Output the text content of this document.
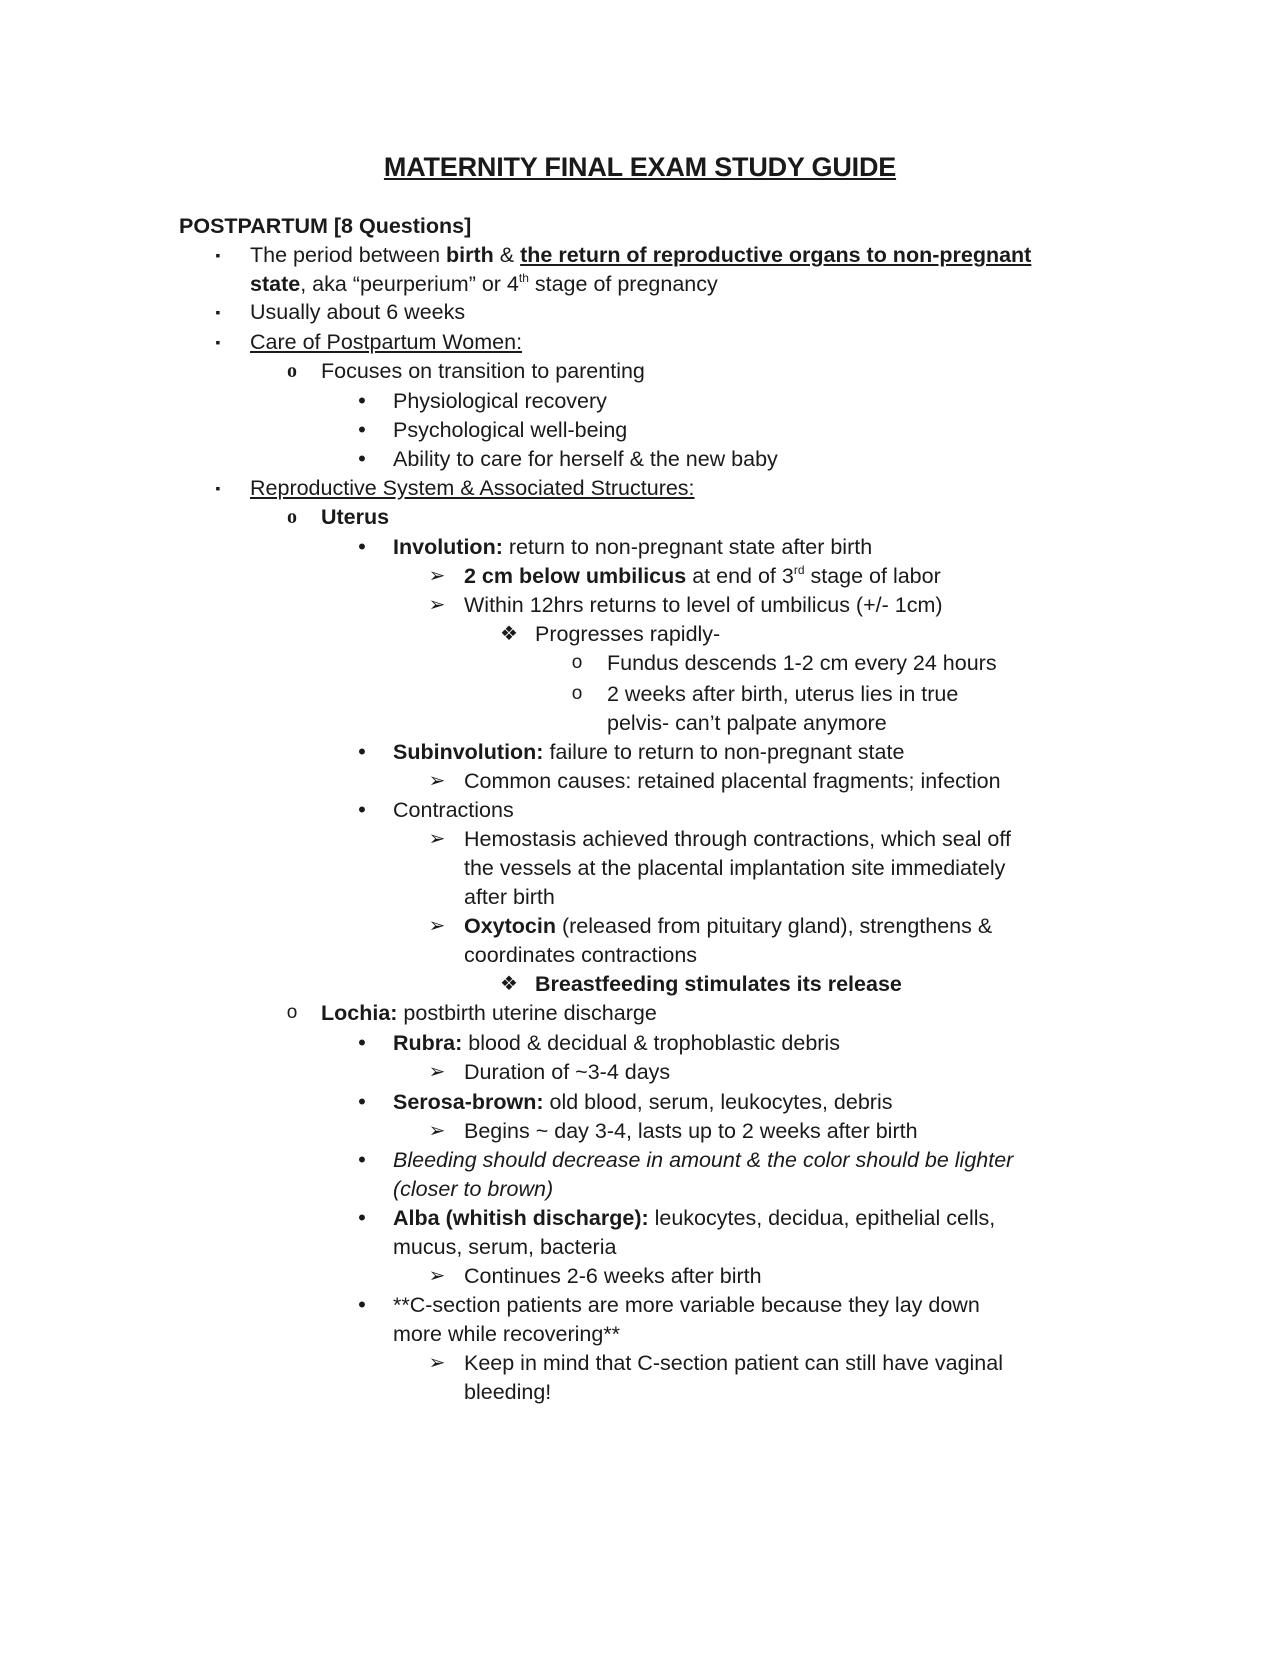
MATERNITY FINAL EXAM STUDY GUIDE
POSTPARTUM [8 Questions]
▪	The period between birth & the return of reproductive organs to non-pregnant
state, aka “peurperium” or 4th stage of pregnancy
▪	Usually about 6 weeks
▪	Care of Postpartum Women:
o	Focuses on transition to parenting
•	Physiological recovery
•	Psychological well-being
•	Ability to care for herself & the new baby
▪	Reproductive System & Associated Structures:
o	Uterus
•	Involution: return to non-pregnant state after birth
➢ 2 cm below umbilicus at end of 3rd stage of labor
➢ Within 12hrs returns to level of umbilicus (+/- 1cm)
❖ Progresses rapidly-
o	Fundus descends 1-2 cm every 24 hours
o	2 weeks after birth, uterus lies in true
pelvis- can’t palpate anymore
•	Subinvolution: failure to return to non-pregnant state
➢ Common causes: retained placental fragments; infection
•	Contractions
➢ Hemostasis achieved through contractions, which seal off
the vessels at the placental implantation site immediately
after birth
➢ Oxytocin (released from pituitary gland), strengthens &
coordinates contractions
❖ Breastfeeding stimulates its release
o	Lochia: postbirth uterine discharge
•	Rubra: blood & decidual & trophoblastic debris
➢ Duration of ~3-4 days
•	Serosa-brown: old blood, serum, leukocytes, debris
➢ Begins ~ day 3-4, lasts up to 2 weeks after birth
•	Bleeding should decrease in amount & the color should be lighter
(closer to brown)
•	Alba (whitish discharge): leukocytes, decidua, epithelial cells,
mucus, serum, bacteria
➢ Continues 2-6 weeks after birth
•	**C-section patients are more variable because they lay down
more while recovering**
➢ Keep in mind that C-section patient can still have vaginal
bleeding!
